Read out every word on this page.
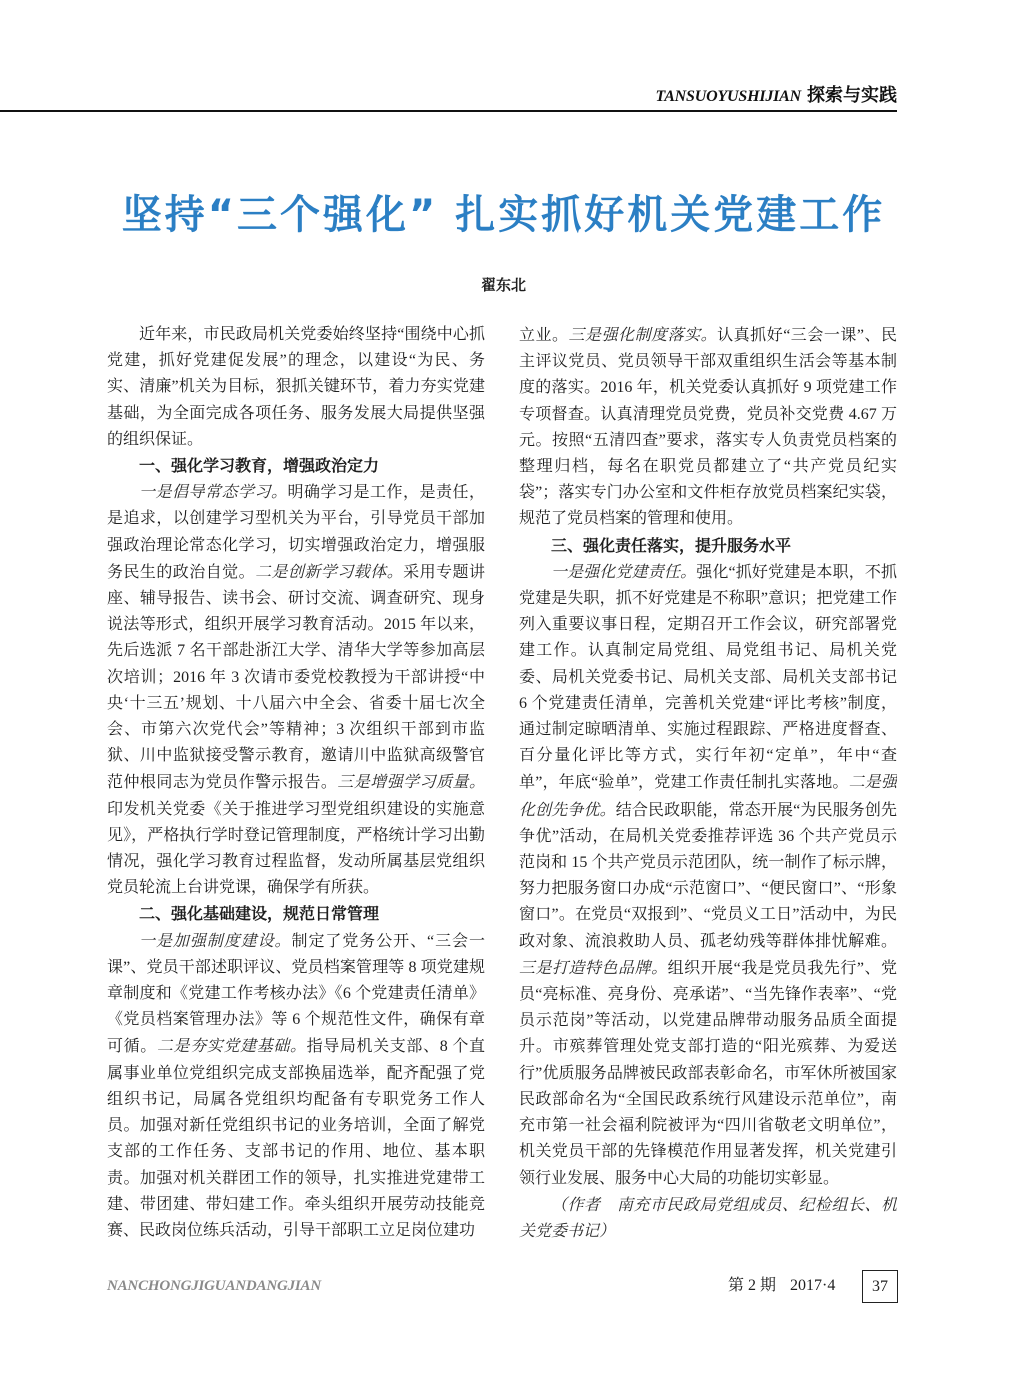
TANSUOYUSHIJIAN 探索与实践
坚持“三个强化” 扎实抓好机关党建工作
翟东北

近年来，市民政局机关党委始终坚持“围绕中心抓党建，抓好党建促发展”的理念，以建设“为民、务实、清廉”机关为目标，狠抓关键环节，着力夯实党建基础，为全面完成各项任务、服务发展大局提供坚强的组织保证。

一、强化学习教育，增强政治定力

一是倡导常态学习。明确学习是工作，是责任，是追求，以创建学习型机关为平台，引导党员干部加强政治理论常态化学习，切实增强政治定力，增强服务民生的政治自觉。二是创新学习载体。采用专题讲座、辅导报告、读书会、研讨交流、调查研究、现身说法等形式，组织开展学习教育活动。2015 年以来，先后选派 7 名干部赴浙江大学、清华大学等参加高层次培训；2016 年 3 次请市委党校教授为干部讲授“中央‘十三五’规划、十八届六中全会、省委十届七次全会、市第六次党代会”等精神；3 次组织干部到市监狱、川中监狱接受警示教育，邀请川中监狱高级警官范仲根同志为党员作警示报告。三是增强学习质量。印发机关党委《关于推进学习型党组织建设的实施意见》，严格执行学时登记管理制度，严格统计学习出勤情况，强化学习教育过程监督，发动所属基层党组织党员轮流上台讲党课，确保学有所获。

二、强化基础建设，规范日常管理

一是加强制度建设。制定了党务公开、“三会一课”、党员干部述职评议、党员档案管理等 8 项党建规章制度和《党建工作考核办法》《6 个党建责任清单》《党员档案管理办法》等 6 个规范性文件，确保有章可循。二是夯实党建基础。指导局机关支部、8 个直属事业单位党组织完成支部换届选举，配齐配强了党组织书记，局属各党组织均配备有专职党务工作人员。加强对新任党组织书记的业务培训，全面了解党支部的工作任务、支部书记的作用、地位、基本职责。加强对机关群团工作的领导，扎实推进党建带工建、带团建、带妇建工作。牵头组织开展劳动技能竞赛、民政岗位练兵活动，引导干部职工立足岗位建功

立业。三是强化制度落实。认真抓好“三会一课”、民主评议党员、党员领导干部双重组织生活会等基本制度的落实。2016 年，机关党委认真抓好 9 项党建工作专项督查。认真清理党员党费，党员补交党费 4.67 万元。按照“五清四查”要求，落实专人负责党员档案的整理归档，每名在职党员都建立了“共产党员纪实袋”；落实专门办公室和文件柜存放党员档案纪实袋，规范了党员档案的管理和使用。

三、强化责任落实，提升服务水平

一是强化党建责任。强化“抓好党建是本职，不抓党建是失职，抓不好党建是不称职”意识；把党建工作列入重要议事日程，定期召开工作会议，研究部署党建工作。认真制定局党组、局党组书记、局机关党委、局机关党委书记、局机关支部、局机关支部书记 6 个党建责任清单，完善机关党建“评比考核”制度，通过制定晾晒清单、实施过程跟踪、严格进度督查、百分量化评比等方式，实行年初“定单”，年中“查单”，年底“验单”，党建工作责任制扎实落地。二是强化创先争优。结合民政职能，常态开展“为民服务创先争优”活动，在局机关党委推荐评选 36 个共产党员示范岗和 15 个共产党员示范团队，统一制作了标示牌，努力把服务窗口办成“示范窗口”、“便民窗口”、“形象窗口”。在党员“双报到”、“党员义工日”活动中，为民政对象、流浪救助人员、孤老幼残等群体排忧解难。三是打造特色品牌。组织开展“我是党员我先行”、党员“亮标准、亮身份、亮承诺”、“当先锋作表率”、“党员示范岗”等活动，以党建品牌带动服务品质全面提升。市殡葬管理处党支部打造的“阳光殡葬、为爱送行”优质服务品牌被民政部表彰命名，市军休所被国家民政部命名为“全国民政系统行风建设示范单位”，南充市第一社会福利院被评为“四川省敬老文明单位”，机关党员干部的先锋模范作用显著发挥，机关党建引领行业发展、服务中心大局的功能切实彰显。

（作者　南充市民政局党组成员、纪检组长、机关党委书记）

NANCHONGJIGUANDANGJIAN	第 2 期 2017·4	37
